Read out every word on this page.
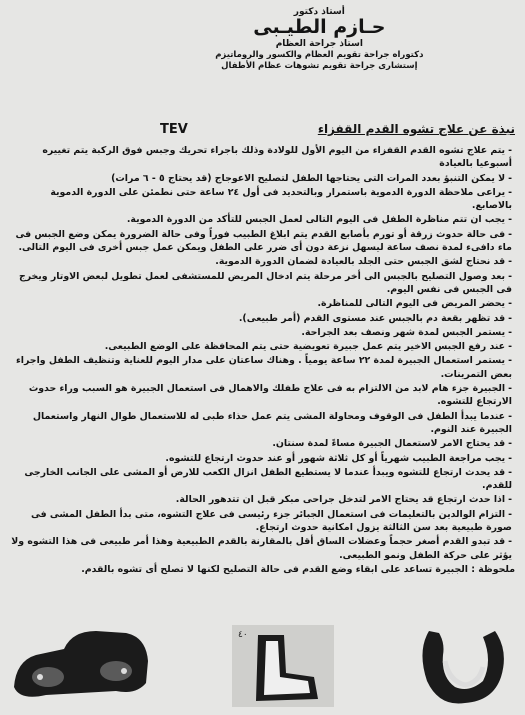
أستاذ دكتور
حـازم الطيـبى
استاذ جراحة العظام
دكتوراه جراحة تقويم العظام والكسور والروماتيزم
إستشارى جراحة تقويم تشوهات عظام الأطفال
نبذة عن علاج تشوه القدم القفزاء
TEV
-يتم علاج تشوه القدم القفزاء من اليوم الأول للولادة وذلك باجراء تحريك وجبس فوق الركبة يتم تغييره أسبوعيا بالعيادة
-لا يمكن التنبؤ بعدد المرات التى يحتاجها الطفل لتصليح الاعوجاج (قد يحتاج ٥ - ٦ مرات)
-يراعى ملاحظة الدورة الدموية باستمرار وبالتحديد فى أول ٢٤ ساعة حتى نطمئن على الدورة الدموية بالاصابع.
-يجب ان تتم مناظرة الطفل فى اليوم التالى لعمل الجبس للتأكد من الدورة الدموية.
-فى حالة حدوث زرقة أو تورم بأصابع القدم يتم ابلاغ الطبيب فوراً وفى حالة الضرورة يمكن وضع الجبس فى ماء دافىء لمدة نصف ساعة ليسهل نزعة دون أى ضرر على الطفل ويمكن عمل جبس أخرى فى اليوم التالى.
-قد نحتاج لشق الجبس حتى الجلد بالعيادة لضمان الدورة الدموية.
-بعد وصول التصليح بالجبس الى أخر مرحلة يتم ادخال المريض للمستشفى لعمل تطويل لبعض الاوتار ويخرج فى الجبس فى نفس اليوم.
-يحضر المريض فى اليوم التالى للمناظرة.
-قد تظهر بقعة دم بالجبس عند مستوى القدم (أمر طبيعى).
-يستمر الجبس لمدة شهر ونصف بعد الجراحة.
-عند رفع الجبس الاخير يتم عمل جبيرة تعويضية حتى يتم المحافظة على الوضع الطبيعى.
-يستمر استعمال الجبيرة لمدة ٢٢ ساعة يومياً . وهناك ساعتان على مدار اليوم للعناية وتنظيف الطفل واجراء بعض التمرينات.
-الجبيرة جزء هام لابد من الالتزام به فى علاج طفلك والاهمال فى استعمال الجبيرة هو السبب وراء حدوث الارتجاع للتشوه.
-عندما يبدأ الطفل فى الوقوف ومحاولة المشى يتم عمل حذاء طبى له للاستعمال طوال النهار واستعمال الجبيرة عند النوم.
-قد يحتاج الامر لاستعمال الجبيرة مساءً لمدة سنتان.
-يجب مراجعة الطبيب شهرياً أو كل ثلاثة شهور أو عند حدوث ارتجاع للتشوه.
-قد يحدث ارتجاع للتشوه ويبدأ عندما لا يستطيع الطفل انزال الكعب للارض أو المشى على الجانب الخارجى للقدم.
-اذا حدث ارتجاع قد يحتاج الامر لتدخل جراحى مبكر قبل ان تتدهور الحالة.
-التزام الوالدين بالتعليمات فى استعمال الجبائر جزء رئيسى فى علاج التشوه، متى بدأ الطفل المشى فى صورة طبيعية بعد سن الثالثة يزول امكانية حدوث ارتجاع.
-قد تبدو القدم أصغر حجماً وعضلات الساق أقل بالمقارنة بالقدم الطبيعية وهذا أمر طبيعى فى هذا التشوه ولا يؤثر على حركة الطفل ونمو الطبيعى.
ملحوظة : الجبيرة تساعد على ابقاء وضع القدم فى حالة التصليح لكنها لا تصلح أى تشوه بالقدم.
٤٠
